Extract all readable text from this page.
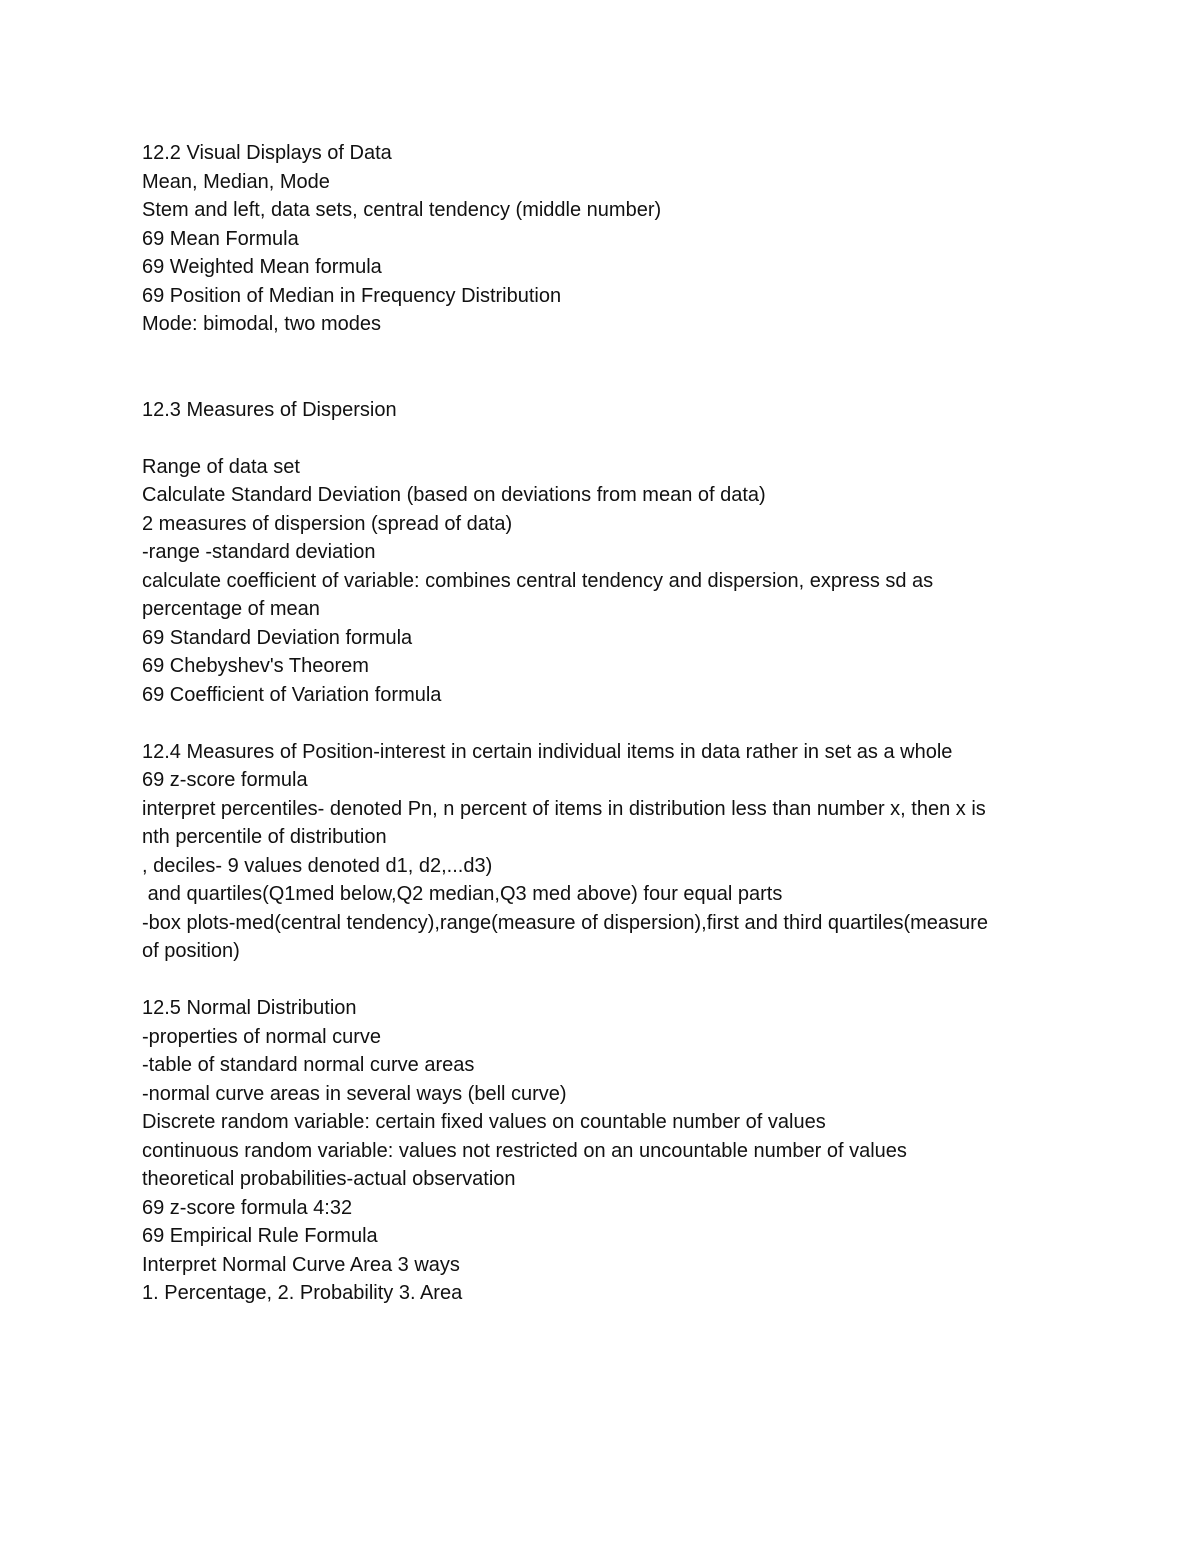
12.2 Visual Displays of Data
Mean, Median, Mode
Stem and left, data sets, central tendency (middle number)
69 Mean Formula
69 Weighted Mean formula
69 Position of Median in Frequency Distribution
Mode: bimodal, two modes
12.3 Measures of Dispersion
Range of data set
Calculate Standard Deviation (based on deviations from mean of data)
2 measures of dispersion (spread of data)
-range -standard deviation
calculate coefficient of variable: combines central tendency and dispersion, express sd as
percentage of mean
69 Standard Deviation formula
69 Chebyshev's Theorem
69 Coefficient of Variation formula
12.4 Measures of Position-interest in certain individual items in data rather in set as a whole
69 z-score formula
interpret percentiles- denoted Pn, n percent of items in distribution less than number x, then x is
nth percentile of distribution
, deciles- 9 values denoted d1, d2,...d3)
and quartiles(Q1med below,Q2 median,Q3 med above) four equal parts
-box plots-med(central tendency),range(measure of dispersion),first and third quartiles(measure
of position)
12.5 Normal Distribution
-properties of normal curve
-table of standard normal curve areas
-normal curve areas in several ways (bell curve)
Discrete random variable: certain fixed values on countable number of values
continuous random variable: values not restricted on an uncountable number of values
theoretical probabilities-actual observation
69 z-score formula 4:32
69 Empirical Rule Formula
Interpret Normal Curve Area 3 ways
1. Percentage, 2. Probability 3. Area
